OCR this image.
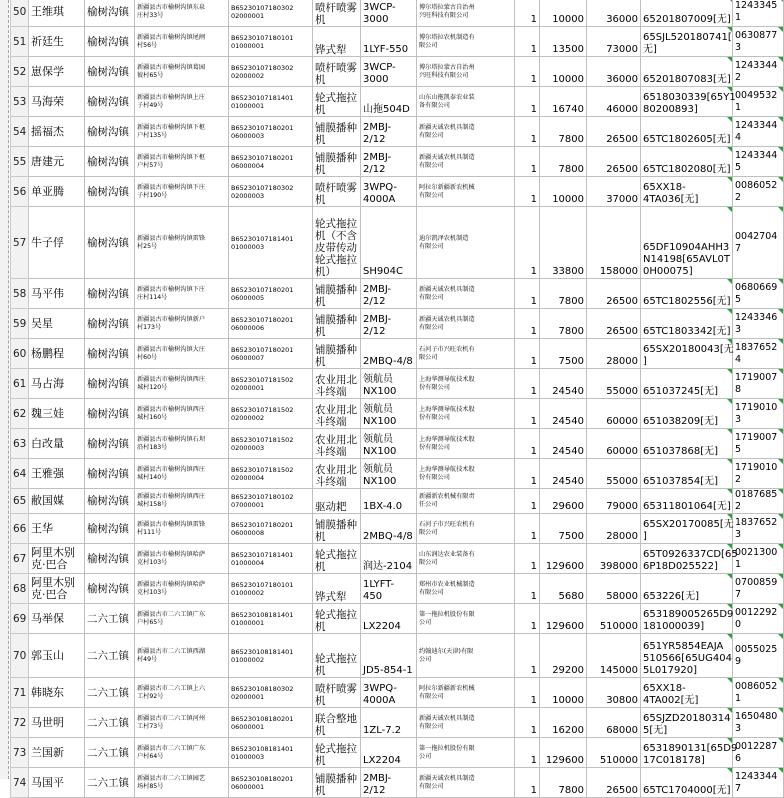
50	王维琪	榆树沟镇	新疆县古市榆树沟镇东泉
庄村33号	B65230107180302
02000001	喷杆喷雾
机	3WCP-
3000	博尔塔拉蒙古自治州
兴旺科技有限公司	1	10000	36000	65201807009[无]	1243345
1

51	祈廷生	榆树沟镇	新疆县古市榆树沟镇尾闸
村56号	B65230107180101
01000001	铧式犁	1LYF-550	博尔塔拉农机制造有
限公司	1	13500	73000	65SJL520180741[
无]	0630877
3

52	崽保学	榆树沟镇	新疆县古市榆树沟镇葛园
彼村65号	B65230107180302
02000002	喷杆喷雾
机	3WCP-
3000	博尔塔拉蒙古自治州
兴旺科技有限公司	1	10000	36000	65201807083[无]	1243344
2

53	马海荣	榆树沟镇	新疆县古市榆树沟镇上庄
子村49号	B65230107181401
01000001	轮式拖拉
机	山拖504D	山东山拖凯泰农业装
备有限公司	1	16740	46000	6518030339[65Y1
80200893]	0049532
1

54	摇福杰	榆树沟镇	新疆县古市榆树沟镇下枢
户村135号	B65230107180201
06000003	铺膜播种
机	2MBJ-
2/12	新疆天诚农机具制造
有限公司	1	7800	26500	65TC1802605[无]	1243344
4

55	唐建元	榆树沟镇	新疆县古市榆树沟镇下枢
户村57号	B65230107180201
06000004	铺膜播种
机	2MBJ-
2/12	新疆天诚农机具制造
有限公司	1	7800	26500	65TC1802080[无]	1243344
5

56	单亚腾	榆树沟镇	新疆县古市榆树沟镇下庄
子村190号	B65230107180302
02000003	喷杆喷雾
机	3WPQ-
4000A	阿拉尔新疆新农机械
有限公司	1	10000	37000	65XX18-
4TA036[无]	0086052
2

57	牛子俘	榆树沟镇	新疆县古市榆树沟镇雷锋
村25号	B65230107181401
01000003	轮式拖拉
机（不含
皮带传动
轮式拖拉
机）	SH904C	迪尔凯泽农机制造
有限公司	1	33800	158000	65DF10904AHH3
N14198[65AVL0T
0H00075]	0042704
7

58	马平伟	榆树沟镇	新疆县古市榆树沟镇下庄
庄村114号	B65230107180201
06000005	铺膜播种
机	2MBJ-
2/12	新疆天诚农机具制造
有限公司	1	7800	26500	65TC1802556[无]	0680669
5

59	吴星	榆树沟镇	新疆县古市榆树沟镇新户
村173号	B65230107180201
06000006	铺膜播种
机	2MBJ-
2/12	新疆天诚农机具制造
有限公司	1	7800	26500	65TC1803342[无]	1243346
3

60	杨鹏程	榆树沟镇	新疆县古市榆树沟镇大庄
村60号	B65230107180201
06000007	铺膜播种
机	2MBQ-4/8	石河子市兴旺农机有
限公司	1	7500	28000	65SX20180043[无
]	1837652
4

61	马占海	榆树沟镇	新疆县古市榆树沟镇西庄
城村120号	B65230107181502
02000001	农业用北
斗终端	领航员
NX100	上海华测导航技术股
份有限公司	1	24540	55000	651037245[无]	1719007
8

62	魏三娃	榆树沟镇	新疆县古市榆树沟镇西庄
城村160号	B65230107181502
02000002	农业用北
斗终端	领航员
NX100	上海华测导航技术股
份有限公司	1	24540	60000	651038209[无]	1719010
3

63	白改量	榆树沟镇	新疆县古市榆树沟镇石坝
沿村183号	B65230107181502
02000003	农业用北
斗终端	领航员
NX100	上海华测导航技术股
份有限公司	1	24540	60000	651037868[无]	1719007
5

64	王雅强	榆树沟镇	新疆县古市榆树沟镇西庄
城村140号	B65230107181502
02000004	农业用北
斗终端	领航员
NX100	上海华测导航技术股
份有限公司	1	24540	55000	651037854[无]	1719010
2

65	敝国媒	榆树沟镇	新疆县古市榆树沟镇西庄
城村158号	B65230107180102
07000001	驱动耙	1BX-4.0	新疆新农机械有限责
任公司	1	29600	79000	65311801064[无]	0187685
2

66	王华	榆树沟镇	新疆县古市榆树沟镇雷锋
村111号	B65230107180201
06000008	铺膜播种
机	2MBQ-4/8	石河子市兴旺农机有
限公司	1	7500	28000	65SX20170085[无
]	1837652
3

67	阿里木别
克·巴合	榆树沟镇	新疆县古市榆树沟镇哈萨
克村103号	B65230107181401
01000004	轮式拖拉
机	润达-2104	山东润达农业装备有
限公司	1	129600	398000	65T0926337CD[65
6P18D025522]	0021300
1

68	阿里木别
克·巴合	榆树沟镇	新疆县古市榆树沟镇哈萨
克村103号	B65230107180101
01000002	铧式犁	1LYFT-
450	郑州市农业机械制造
有限公司	1	5680	58000	653226[无]	0700859
7

69	马举保	二六工镇	新疆县古市二六工镇广东
户村65号	B65230108181401
01000001	轮式拖拉
机	LX2204	第一拖拉机股份有限
公司	1	129600	510000	653189005265D9
181000039]	0012292
0

70	郭玉山	二六工镇	新疆县古市二六工镇西湖
村49号	B65230108181401
01000002	轮式拖拉
机	JD5-854-1	约翰迪尔(天津)有限
公司	1	29200	145000	651YR5854EAJA
510566[65UG404
5L017920]	0055025
9

71	韩晓东	二六工镇	新疆县古市二六工镇上六
工村92号	B65230108180302
02000001	喷杆喷雾
机	3WPQ-
4000A	阿拉尔新疆新农机械
有限公司	1	10000	30800	65XX18-
4TA002[无]	0086052
1

72	马世明	二六工镇	新疆县古市二六工镇河州
工村73号	B65230108180201
06000001	联合整地
机	1ZL-7.2	新疆天诚农机具制造
有限公司	1	16200	68000	65SJZD20180314
5[无]	1650480
3

73	兰国新	二六工镇	新疆县古市二六工镇广东
户村64号	B65230108181401
01000003	轮式拖拉
机	LX2204	第一拖拉机股份有限
公司	1	129600	510000	6531890131[65D9
17C018178]	0012287
6

74	马国平	二六工镇	新疆县古市二六工镇园艺
场村85号	B65230108180201
06000001	铺膜播种
机	2MBJ-
2/12	新疆天诚农机具制造
有限公司	1	7800	26500	65TC1704000[无]	1243344
7
